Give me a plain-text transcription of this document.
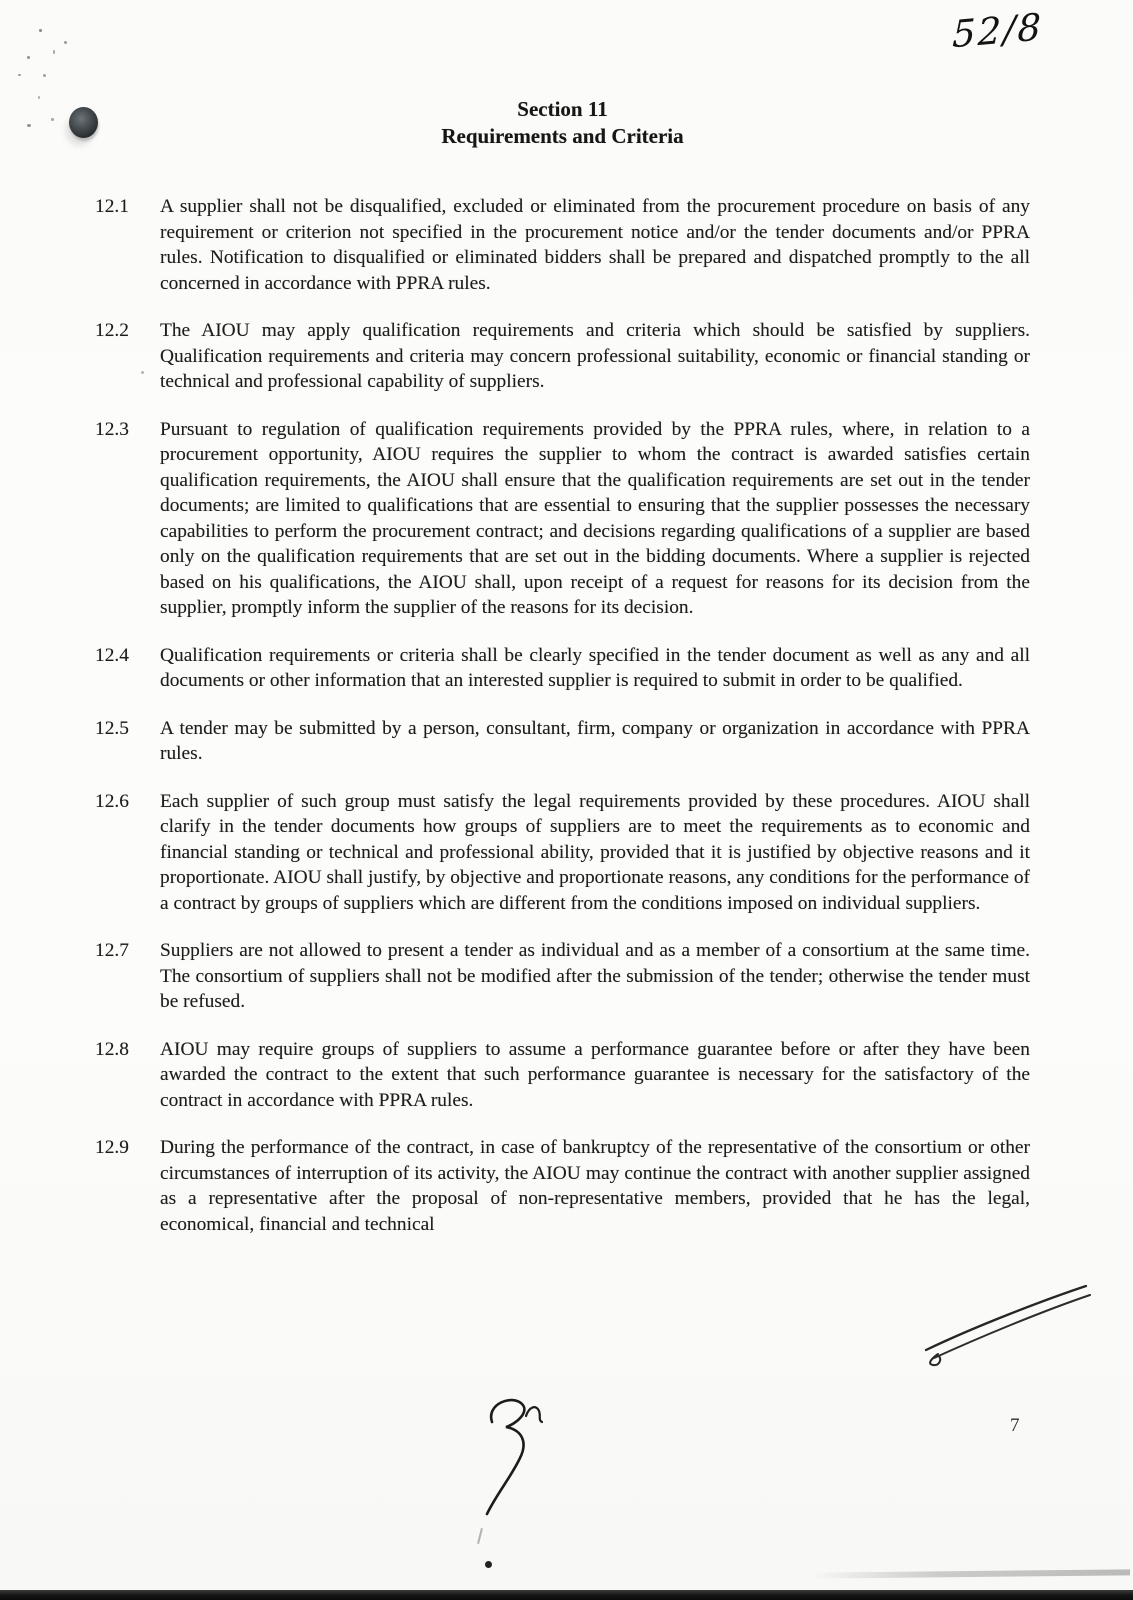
52/8
Section 11
Requirements and Criteria
12.1	A supplier shall not be disqualified, excluded or eliminated from the procurement procedure on basis of any requirement or criterion not specified in the procurement notice and/or the tender documents and/or PPRA rules. Notification to disqualified or eliminated bidders shall be prepared and dispatched promptly to the all concerned in accordance with PPRA rules.
12.2	The AIOU may apply qualification requirements and criteria which should be satisfied by suppliers. Qualification requirements and criteria may concern professional suitability, economic or financial standing or technical and professional capability of suppliers.
12.3	Pursuant to regulation of qualification requirements provided by the PPRA rules, where, in relation to a procurement opportunity, AIOU requires the supplier to whom the contract is awarded satisfies certain qualification requirements, the AIOU shall ensure that the qualification requirements are set out in the tender documents; are limited to qualifications that are essential to ensuring that the supplier possesses the necessary capabilities to perform the procurement contract; and decisions regarding qualifications of a supplier are based only on the qualification requirements that are set out in the bidding documents. Where a supplier is rejected based on his qualifications, the AIOU shall, upon receipt of a request for reasons for its decision from the supplier, promptly inform the supplier of the reasons for its decision.
12.4	Qualification requirements or criteria shall be clearly specified in the tender document as well as any and all documents or other information that an interested supplier is required to submit in order to be qualified.
12.5	A tender may be submitted by a person, consultant, firm, company or organization in accordance with PPRA rules.
12.6	Each supplier of such group must satisfy the legal requirements provided by these procedures. AIOU shall clarify in the tender documents how groups of suppliers are to meet the requirements as to economic and financial standing or technical and professional ability, provided that it is justified by objective reasons and it proportionate. AIOU shall justify, by objective and proportionate reasons, any conditions for the performance of a contract by groups of suppliers which are different from the conditions imposed on individual suppliers.
12.7	Suppliers are not allowed to present a tender as individual and as a member of a consortium at the same time. The consortium of suppliers shall not be modified after the submission of the tender; otherwise the tender must be refused.
12.8	AIOU may require groups of suppliers to assume a performance guarantee before or after they have been awarded the contract to the extent that such performance guarantee is necessary for the satisfactory of the contract in accordance with PPRA rules.
12.9	During the performance of the contract, in case of bankruptcy of the representative of the consortium or other circumstances of interruption of its activity, the AIOU may continue the contract with another supplier assigned as a representative after the proposal of non-representative members, provided that he has the legal, economical, financial and technical
7
